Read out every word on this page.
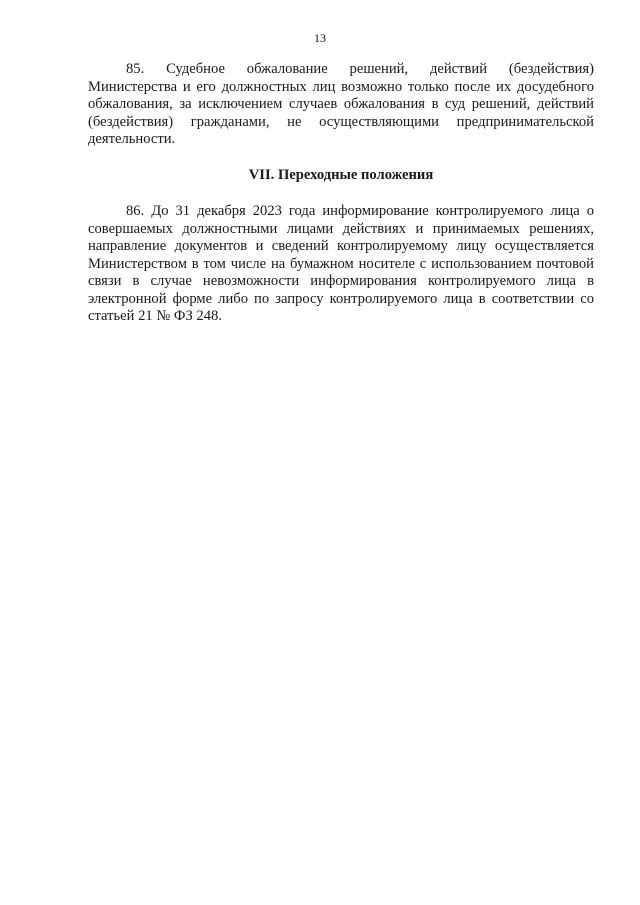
13

85. Судебное обжалование решений, действий (бездействия) Министерства и его должностных лиц возможно только после их досудебного обжалования, за исключением случаев обжалования в суд решений, действий (бездействия) гражданами, не осуществляющими предпринимательской деятельности.

VII. Переходные положения

86. До 31 декабря 2023 года информирование контролируемого лица о совершаемых должностными лицами действиях и принимаемых решениях, направление документов и сведений контролируемому лицу осуществляется Министерством в том числе на бумажном носителе с использованием почтовой связи в случае невозможности информирования контролируемого лица в электронной форме либо по запросу контролируемого лица в соответствии со статьей 21 № ФЗ 248.
